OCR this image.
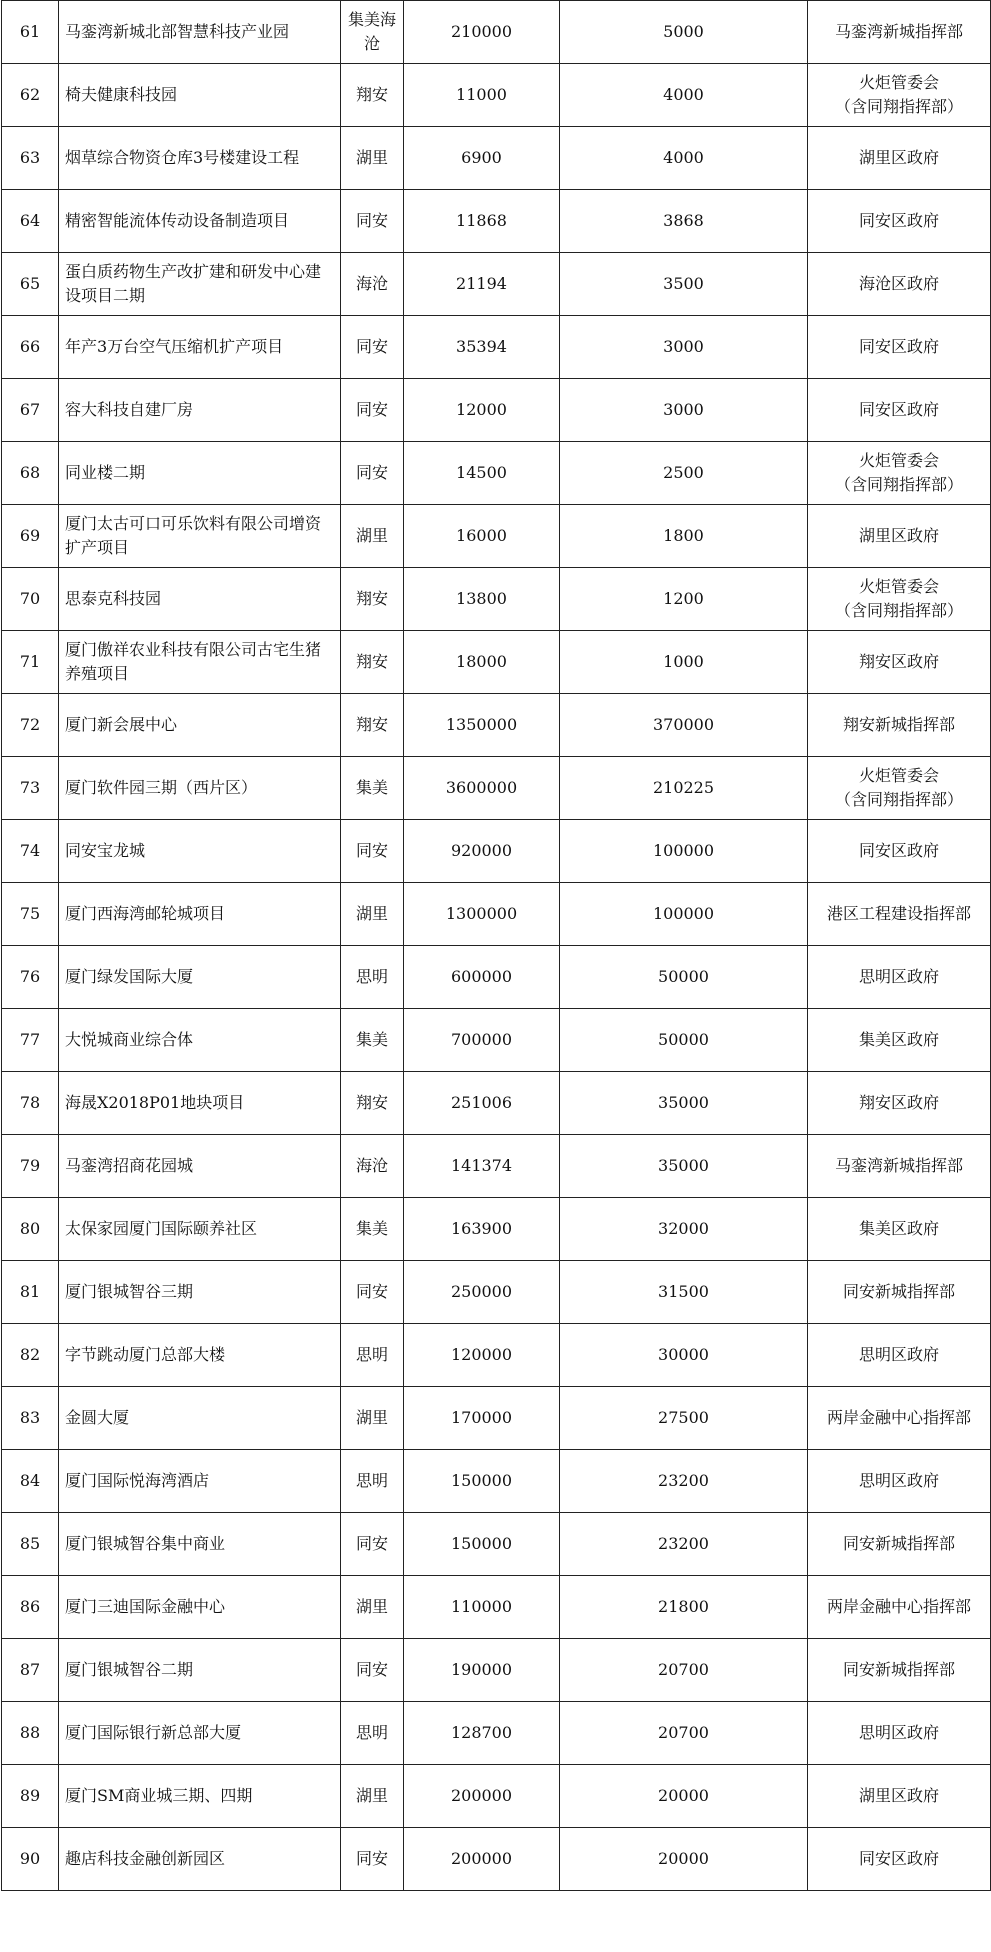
61	马銮湾新城北部智慧科技产业园	集美海沧	210000	5000	马銮湾新城指挥部

62	椅夫健康科技园	翔安	11000	4000	火炬管委会
（含同翔指挥部）

63	烟草综合物资仓库3号楼建设工程	湖里	6900	4000	湖里区政府

64	精密智能流体传动设备制造项目	同安	11868	3868	同安区政府

65	蛋白质药物生产改扩建和研发中心建设项目二期	海沧	21194	3500	海沧区政府

66	年产3万台空气压缩机扩产项目	同安	35394	3000	同安区政府

67	容大科技自建厂房	同安	12000	3000	同安区政府

68	同业楼二期	同安	14500	2500	火炬管委会
（含同翔指挥部）

69	厦门太古可口可乐饮料有限公司增资扩产项目	湖里	16000	1800	湖里区政府

70	思泰克科技园	翔安	13800	1200	火炬管委会
（含同翔指挥部）

71	厦门傲祥农业科技有限公司古宅生猪养殖项目	翔安	18000	1000	翔安区政府

72	厦门新会展中心	翔安	1350000	370000	翔安新城指挥部

73	厦门软件园三期（西片区）	集美	3600000	210225	火炬管委会
（含同翔指挥部）

74	同安宝龙城	同安	920000	100000	同安区政府

75	厦门西海湾邮轮城项目	湖里	1300000	100000	港区工程建设指挥部

76	厦门绿发国际大厦	思明	600000	50000	思明区政府

77	大悦城商业综合体	集美	700000	50000	集美区政府

78	海晟X2018P01地块项目	翔安	251006	35000	翔安区政府

79	马銮湾招商花园城	海沧	141374	35000	马銮湾新城指挥部

80	太保家园厦门国际颐养社区	集美	163900	32000	集美区政府

81	厦门银城智谷三期	同安	250000	31500	同安新城指挥部

82	字节跳动厦门总部大楼	思明	120000	30000	思明区政府

83	金圆大厦	湖里	170000	27500	两岸金融中心指挥部

84	厦门国际悦海湾酒店	思明	150000	23200	思明区政府

85	厦门银城智谷集中商业	同安	150000	23200	同安新城指挥部

86	厦门三迪国际金融中心	湖里	110000	21800	两岸金融中心指挥部

87	厦门银城智谷二期	同安	190000	20700	同安新城指挥部

88	厦门国际银行新总部大厦	思明	128700	20700	思明区政府

89	厦门SM商业城三期、四期	湖里	200000	20000	湖里区政府

90	趣店科技金融创新园区	同安	200000	20000	同安区政府
